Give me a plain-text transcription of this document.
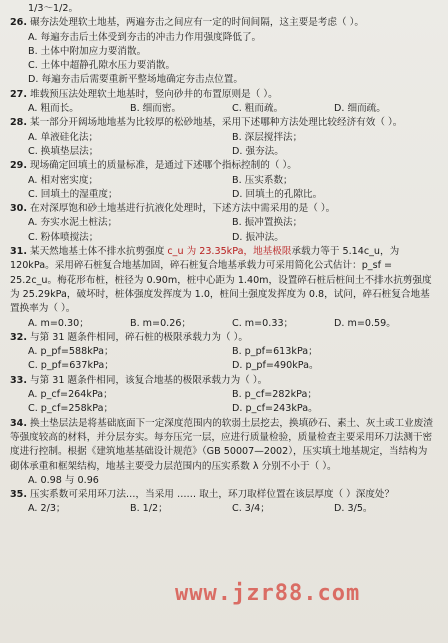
1/3～1/2。
26. 碾夯法处理软土地基，两遍夯击之间应有一定的时间间隔，这主要是考虑（ ）。
A. 每遍夯击后土体受到夯击的冲击力作用强度降低了。
B. 土体中附加应力要消散。
C. 土体中超静孔隙水压力要消散。
D. 每遍夯击后需要重新平整场地确定夯击点位置。
27. 堆载预压法处理软土地基时，竖向砂井的布置原则是（ ）。
A. 粗而长。	B. 细而密。	C. 粗而疏。	D. 细而疏。
28. 某一部分开阔场地地基为比较厚的松砂地基，采用下述哪种方法处理比较经济有效（ ）。
A. 单液硅化法；	B. 深层搅拌法；
C. 换填垫层法；	D. 强夯法。
29. 现场确定回填土的质量标准，是通过下述哪个指标控制的（ ）。
A. 相对密实度；	B. 压实系数；
C. 回填土的湿重度；	D. 回填土的孔隙比。
30. 在对深厚饱和砂土地基进行抗液化处理时，下述方法中需采用的是（ ）。
A. 夯实水泥土桩法；	B. 振冲置换法；
C. 粉体喷搅法；	D. 振冲法。
31. 某天然地基土体不排水抗剪强度 c_u 为 23.35kPa，地基极限承载力等于 5.14c_u，为 120kPa。采用碎石桩复合地基加固，碎石桩复合地基承载力可采用简化公式估计：p_sf = 25.2c_u。梅花形布桩，桩径为 0.90m，桩中心距为 1.40m，设置碎石桩后桩间土不排水抗剪强度为 25.29kPa，破坏时，桩体强度发挥度为 1.0，桩间土强度发挥度为 0.8，试问，碎石桩复合地基置换率为（ ）。
A. m=0.30；	B. m=0.26；	C. m=0.33；	D. m=0.59。
32. 与第 31 题条件相同，碎石桩的极限承载力为（ ）。
A. p_pf=588kPa；	B. p_pf=613kPa；
C. p_pf=637kPa；	D. p_pf=490kPa。
33. 与第 31 题条件相同，该复合地基的极限承载力为（ ）。
A. p_cf=264kPa；	B. p_cf=282kPa；
C. p_cf=258kPa；	D. p_cf=243kPa。
34. 换土垫层法是将基础底面下一定深度范围内的软弱土层挖去，换填砂石、素土、灰土或工业废渣等强度较高的材料，并分层夯实。每夯压完一层，应进行质量检验，质量检查主要采用环刀法测干密度进行控制。根据《建筑地基基础设计规范》（GB 50007—2002），压实填土地基规定，当结构为砌体承重和框架结构，地基主要受力层范围内的压实系数 λ 分别不小于（ ）。
A. 0.98 与 0.96
35. 压实系数可采用环刀法…，当采用 …… 取土，环刀取样位置在该层厚度（ ）深度处？
A. 2/3；	B. 1/2；	C. 3/4；	D. 3/5。
www.jzr88.com
